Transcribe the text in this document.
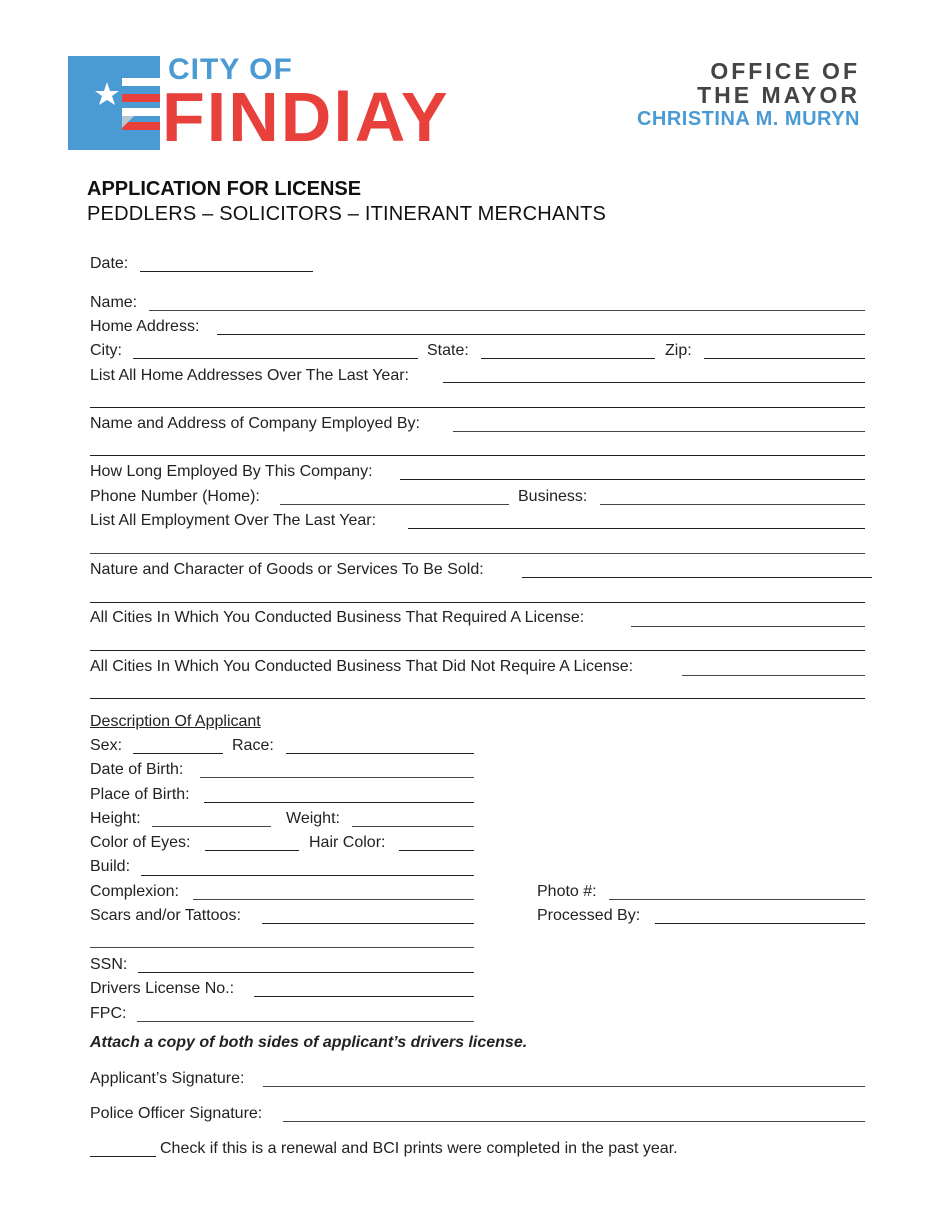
CITY OF
FINDlAY
OFFICE OF
THE MAYOR
CHRISTINA M. MURYN
APPLICATION FOR LICENSE
PEDDLERS – SOLICITORS – ITINERANT MERCHANTS
Date:
Name:
Home Address:
City:	State:	Zip:
List All Home Addresses Over The Last Year:
Name and Address of Company Employed By:
How Long Employed By This Company:
Phone Number (Home):	Business:
List All Employment Over The Last Year:
Nature and Character of Goods or Services To Be Sold:
All Cities In Which You Conducted Business That Required A License:
All Cities In Which You Conducted Business That Did Not Require A License:
Description Of Applicant
Sex:	Race:
Date of Birth:
Place of Birth:
Height:	Weight:
Color of Eyes:	Hair Color:
Build:
Complexion:	Photo #:
Scars and/or Tattoos:	Processed By:
SSN:
Drivers License No.:
FPC:
Attach a copy of both sides of applicant’s drivers license.
Applicant’s Signature:
Police Officer Signature:
Check if this is a renewal and BCI prints were completed in the past year.
